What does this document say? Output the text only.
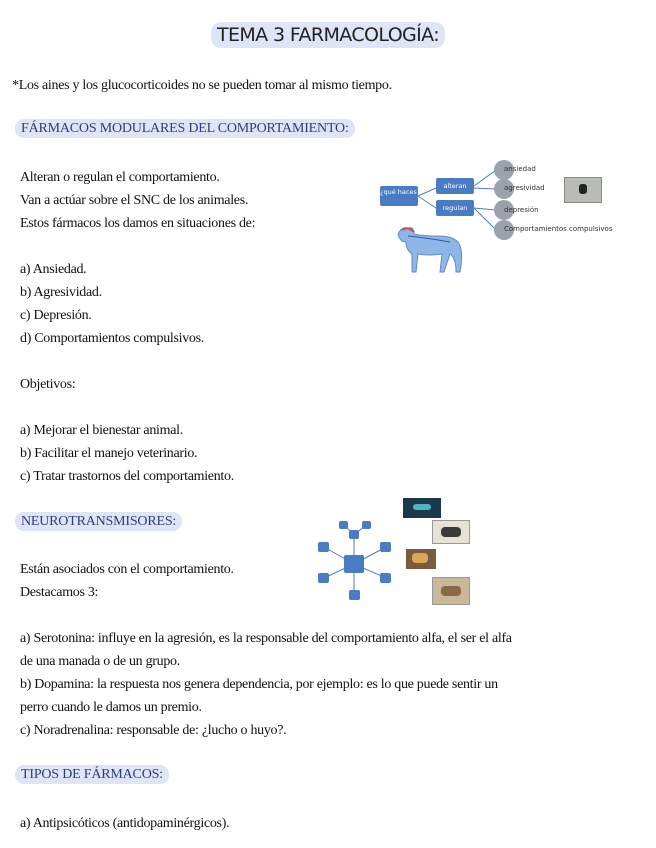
TEMA 3 FARMACOLOGÍA:
*Los aines y los glucocorticoides no se pueden tomar al mismo tiempo.
FÁRMACOS MODULARES DEL COMPORTAMIENTO:
Alteran o regulan el comportamiento.
Van a actúar sobre el SNC de los animales.
Estos fármacos los damos en situaciones de:
a) Ansiedad.
b) Agresividad.
c) Depresión.
d) Comportamientos compulsivos.
Objetivos:
a) Mejorar el bienestar animal.
b) Facilitar el manejo veterinario.
c) Tratar trastornos del comportamiento.
¿qué haces?
alteran
regulan
ansiedad
agresividad
depresión
Comportamientos compulsivos
NEUROTRANSMISORES:
Están asociados con el comportamiento.
Destacamos 3:
a) Serotonina: influye en la agresión, es la responsable del comportamiento alfa, el ser el alfa
de una manada o de un grupo.
b) Dopamina: la respuesta nos genera dependencia, por ejemplo: es lo que puede sentir un
perro cuando le damos un premio.
c) Noradrenalina: responsable de: ¿lucho o huyo?.
TIPOS DE FÁRMACOS:
a) Antipsicóticos (antidopaminérgicos).
